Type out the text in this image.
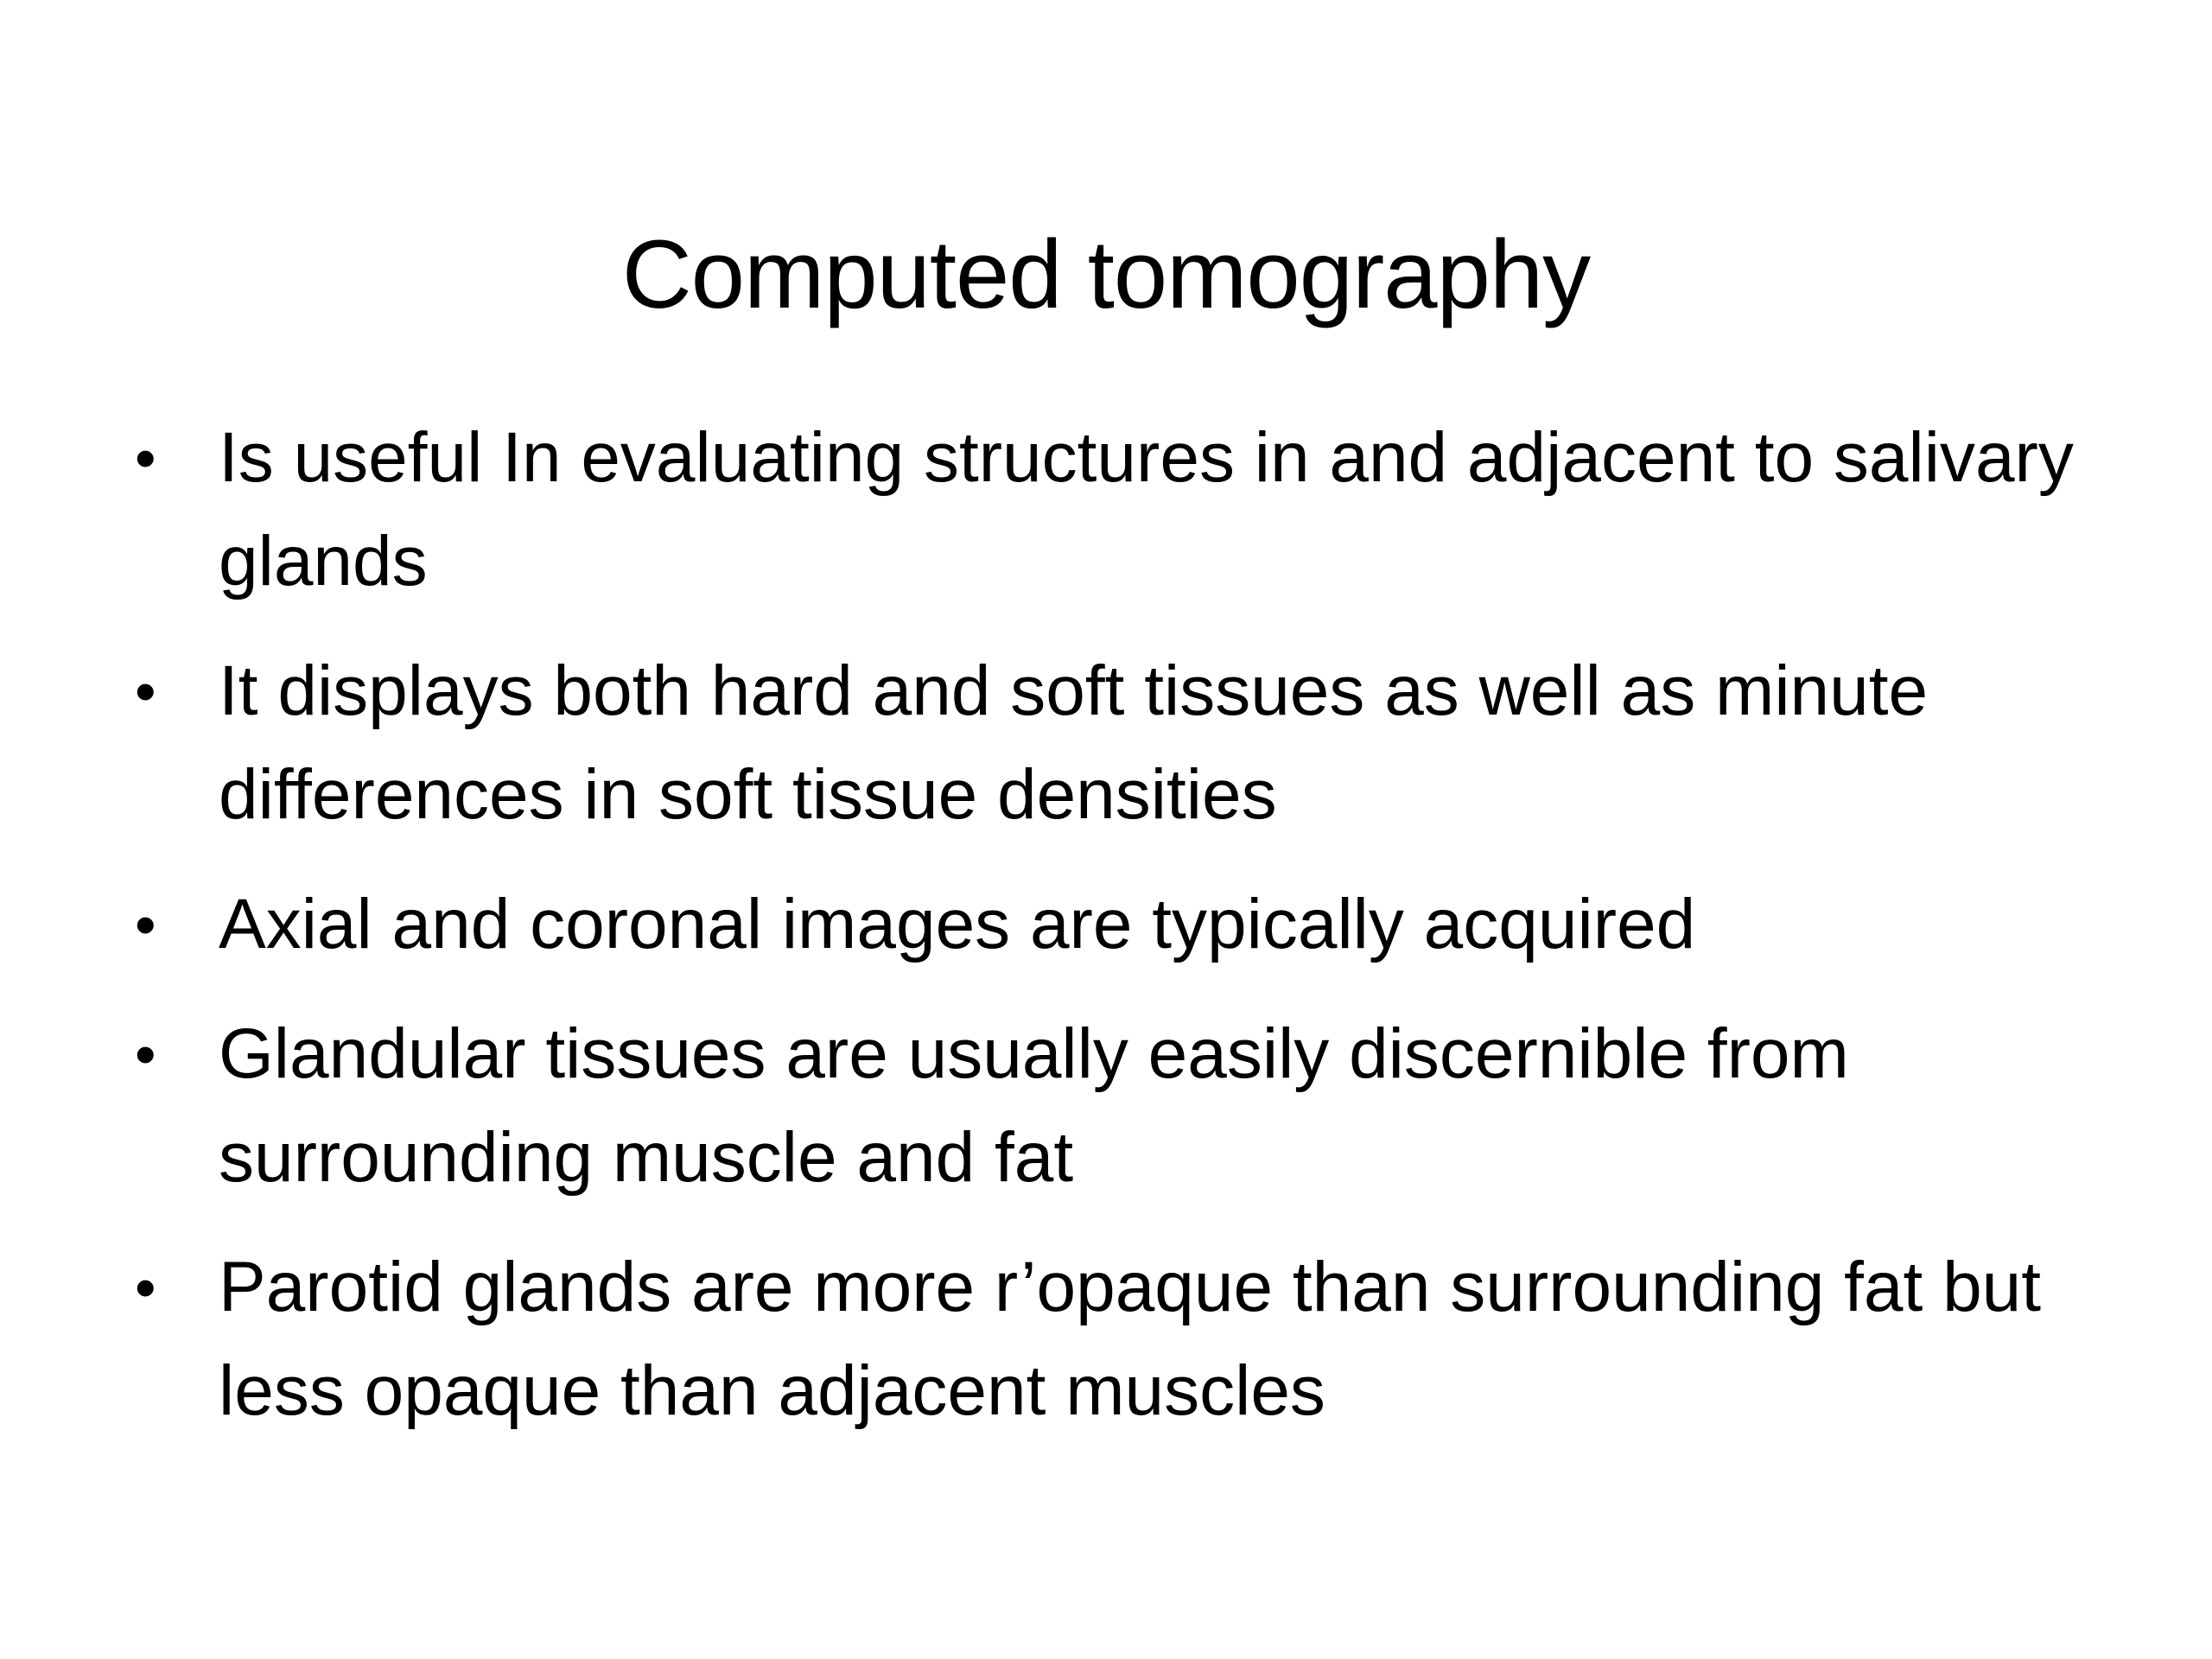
Computed tomography
• Is useful In evaluating structures in and adjacent to salivary glands
• It displays both hard and soft tissues as well as minute differences in soft tissue densities
• Axial and coronal images are typically acquired
• Glandular tissues are usually easily discernible from surrounding muscle and fat
• Parotid glands are more r’opaque than surrounding fat but less opaque than adjacent muscles
